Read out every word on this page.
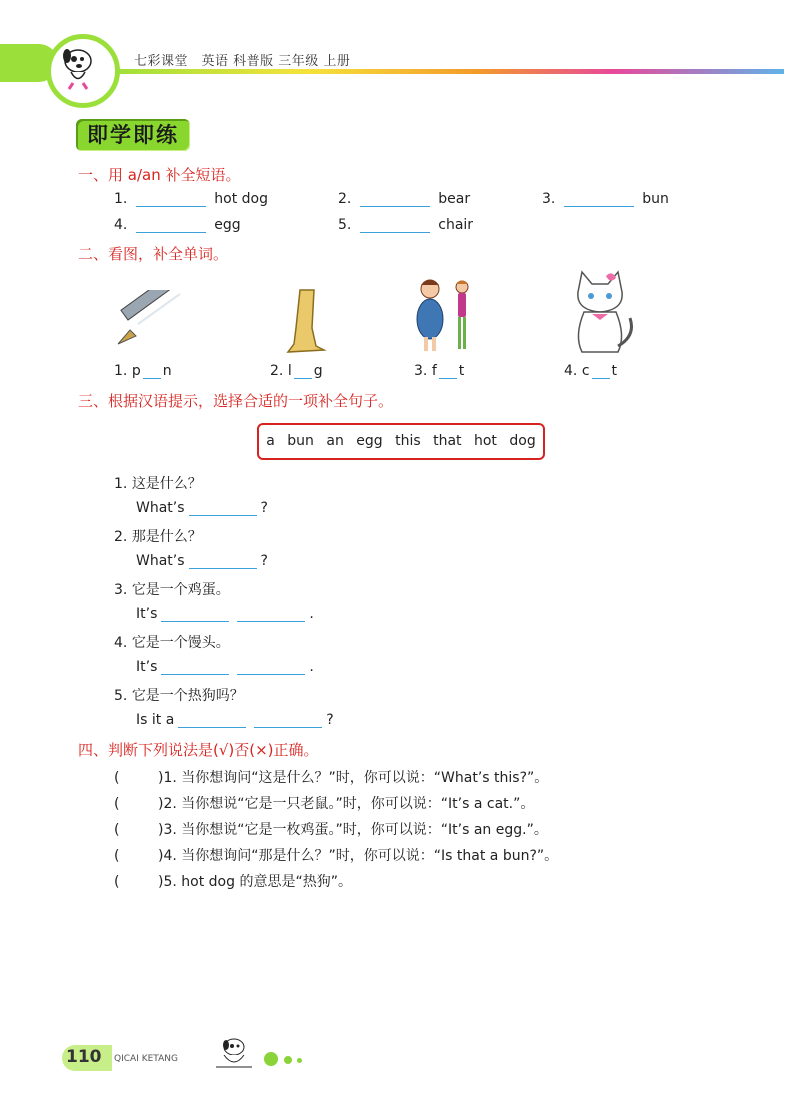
七彩课堂　英语 科普版 三年级 上册
即学即练
一、用 a/an 补全短语。
1.	hot dog	2.	bear	3.	bun
4.	egg	5.	chair
二、看图，补全单词。
1. p n	2. l g	3. f t	4. c t
三、根据汉语提示，选择合适的一项补全句子。
a bun an egg this that hot dog
1. 这是什么？
What’s	?
2. 那是什么？
What’s	?
3. 它是一个鸡蛋。
It’s	.
4. 它是一个馒头。
It’s	.
5. 它是一个热狗吗？
Is it a	?
四、判断下列说法是(√)否(×)正确。
(	)1. 当你想询问“这是什么？”时，你可以说：“What’s this?”。
(	)2. 当你想说“它是一只老鼠。”时，你可以说：“It’s a cat.”。
(	)3. 当你想说“它是一枚鸡蛋。”时，你可以说：“It’s an egg.”。
(	)4. 当你想询问“那是什么？”时，你可以说：“Is that a bun?”。
(	)5. hot dog 的意思是“热狗”。
110 QICAI KETANG
